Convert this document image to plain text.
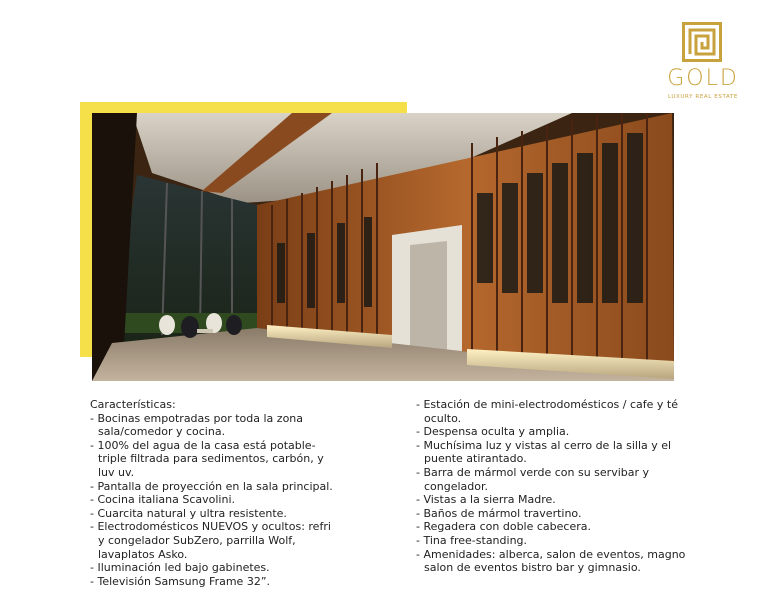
GOLD
LUXURY REAL ESTATE
Características:
- Bocinas empotradas por toda la zona sala/comedor y cocina.
- 100% del agua de la casa está potable- triple filtrada para sedimentos, carbón, y luv uv.
- Pantalla de proyección en la sala principal.
- Cocina italiana Scavolini.
- Cuarcita natural y ultra resistente.
- Electrodomésticos NUEVOS y ocultos: refri y congelador SubZero, parrilla Wolf, lavaplatos Asko.
- Iluminación led bajo gabinetes.
- Televisión Samsung Frame 32”.
- Estación de mini-electrodomésticos / cafe y té oculto.
- Despensa oculta y amplia.
- Muchísima luz y vistas al cerro de la silla y el puente atirantado.
- Barra de mármol verde con su servibar y congelador.
- Vistas a la sierra Madre.
- Baños de mármol travertino.
- Regadera con doble cabecera.
- Tina free-standing.
- Amenidades: alberca, salon de eventos, magno salon de eventos bistro bar y gimnasio.
